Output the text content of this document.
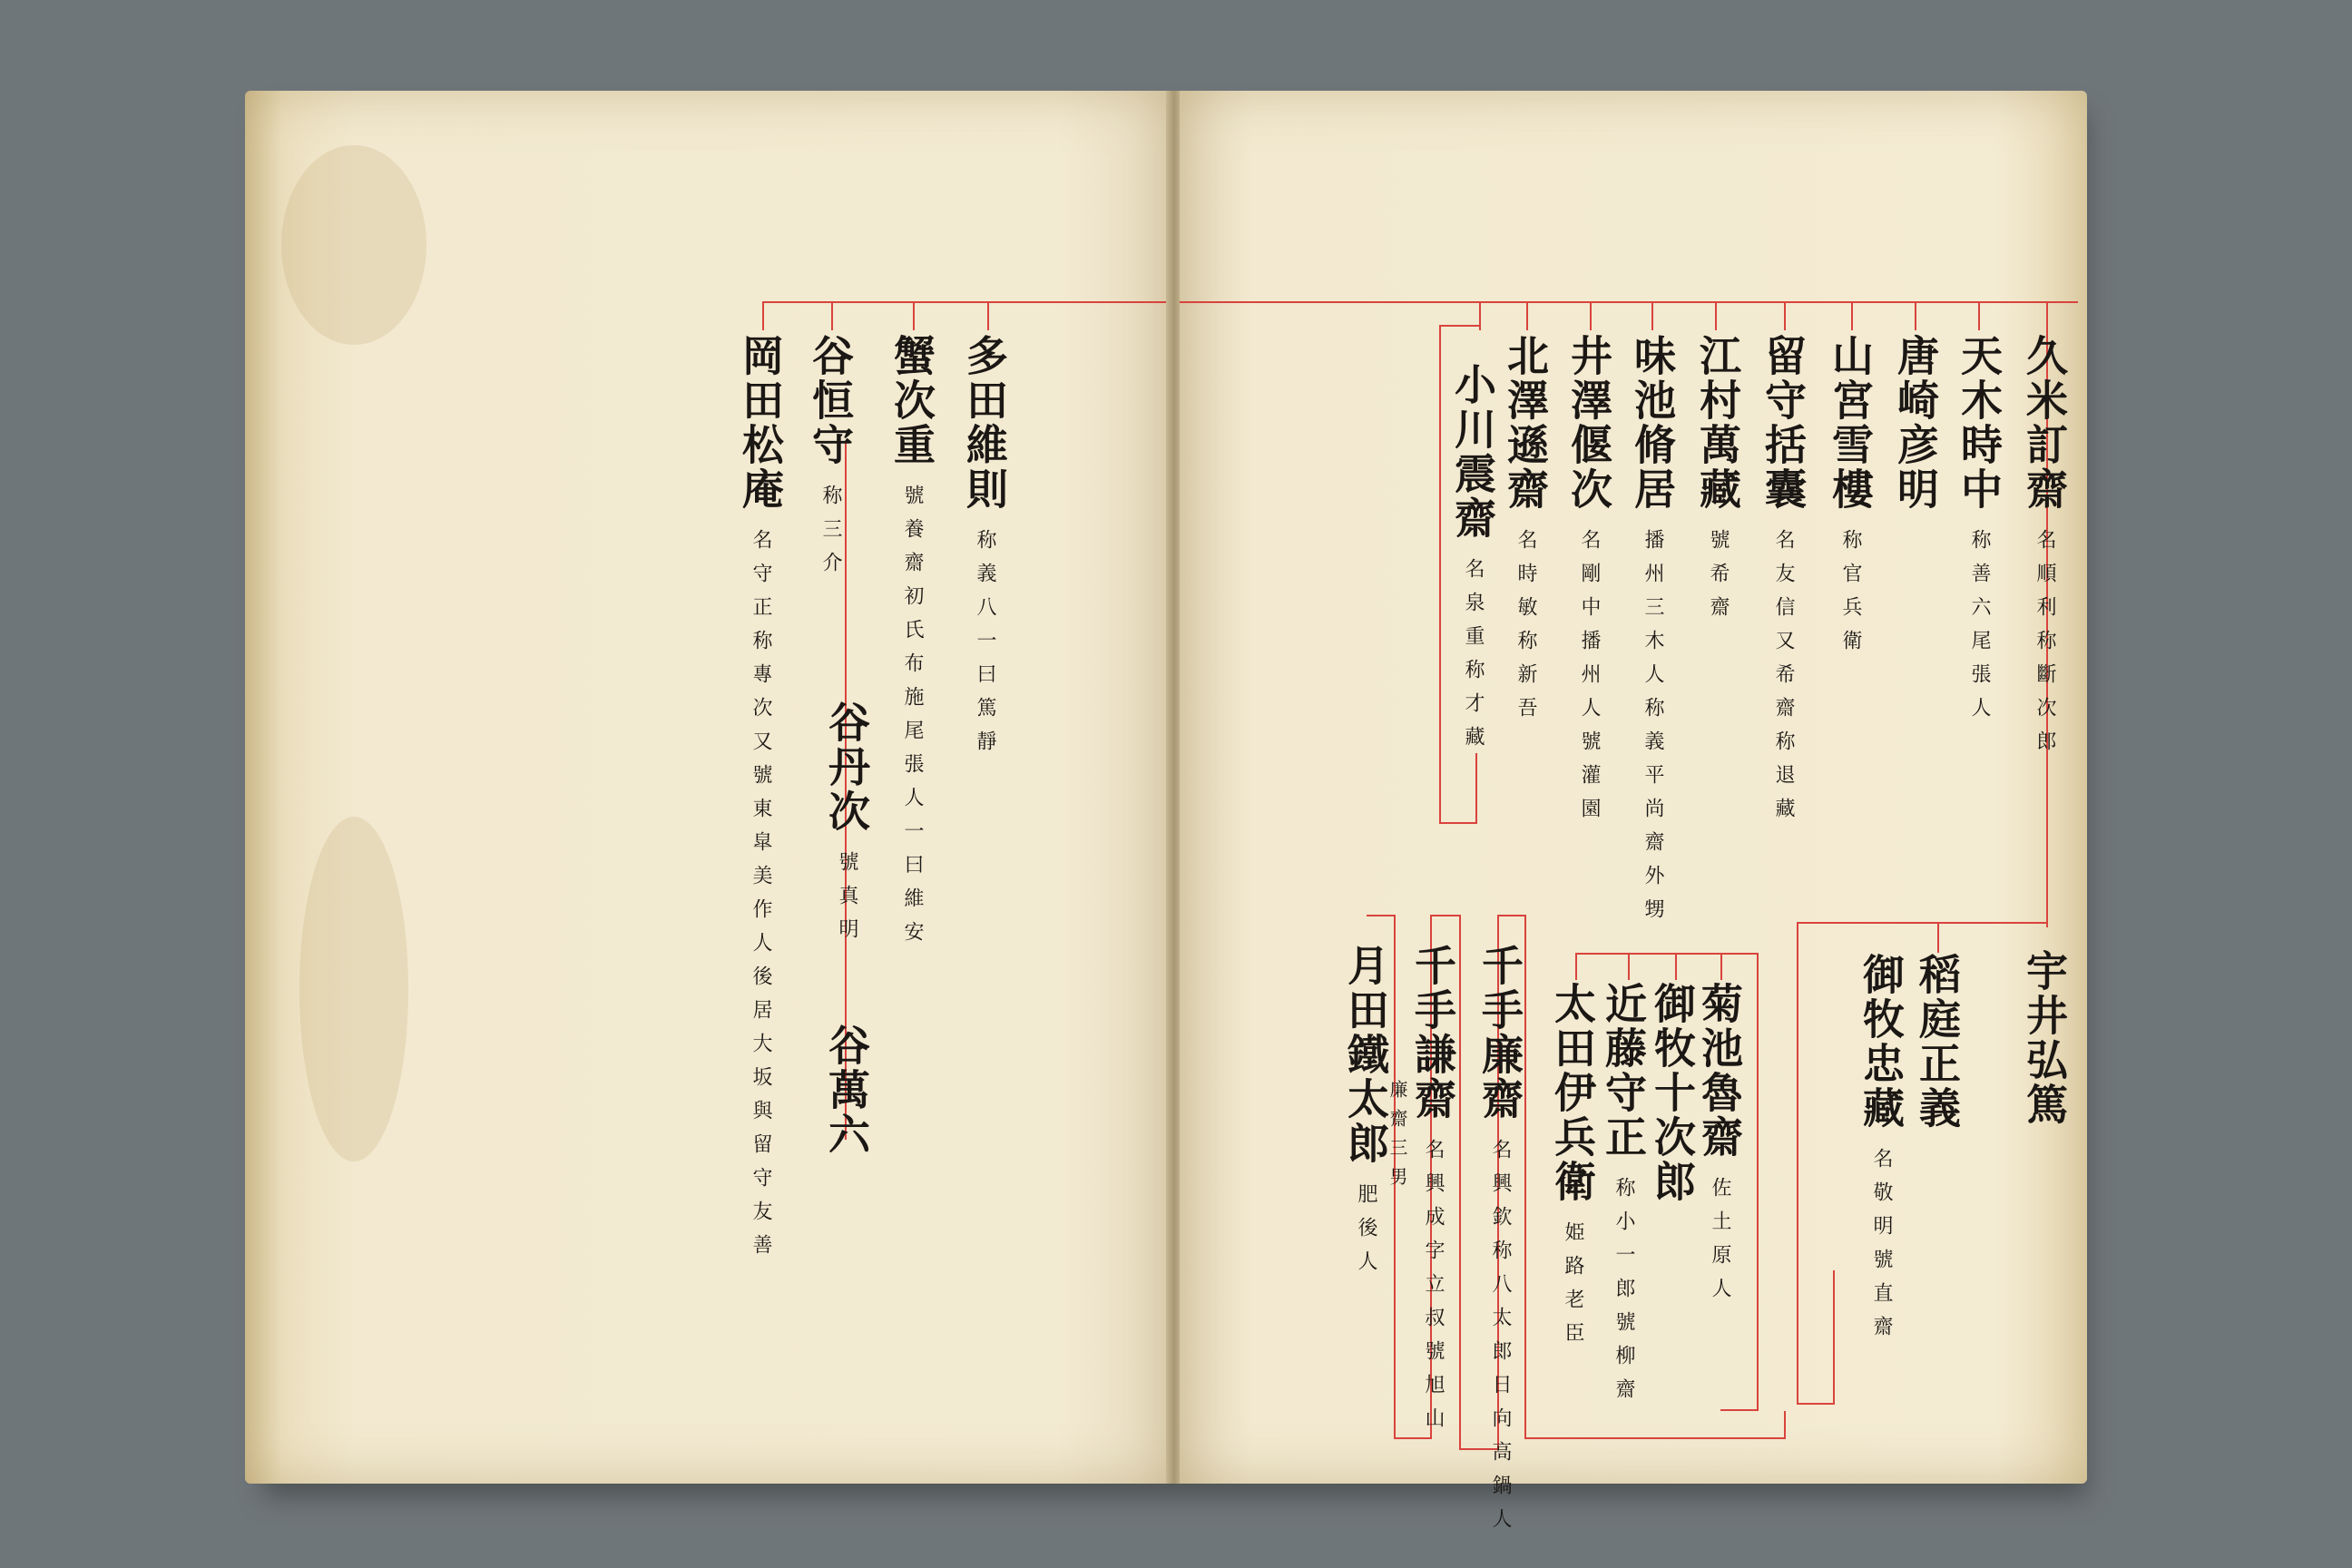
多田維則 称義八一曰篤靜
蟹次重 號養齋初氏布施尾張人一曰維安
谷恒守 称三介
岡田松庵 名守正称專次又號東皐美作人後居大坂與留守友善 谷丹次 號真明
谷萬六
久米訂齋 名順利称斷次郎
天木時中 称善六尾張人
唐崎彦明
山宮雪樓 称官兵衛
留守括囊 名友信又希齋称退藏
江村萬藏 號希齋
味池脩居 播州三木人称義平尚齋外甥
井澤偃次 名剛中播州人號灌園
北澤遜齋 名時敏称新吾
小川震齋 名泉重称才藏
宇井弘篤
稻庭正義
御牧忠藏 名敬明號直齋
菊池魯齋 佐土原人
御牧十次郎
近藤守正 称小一郎號柳齋
太田伊兵衛 姫路老臣
千手廉齋 名興欽称八太郎日向高鍋人
千手謙齋 名興成字立叔號旭山
廉齋三男
月田鐵太郎 肥後人
